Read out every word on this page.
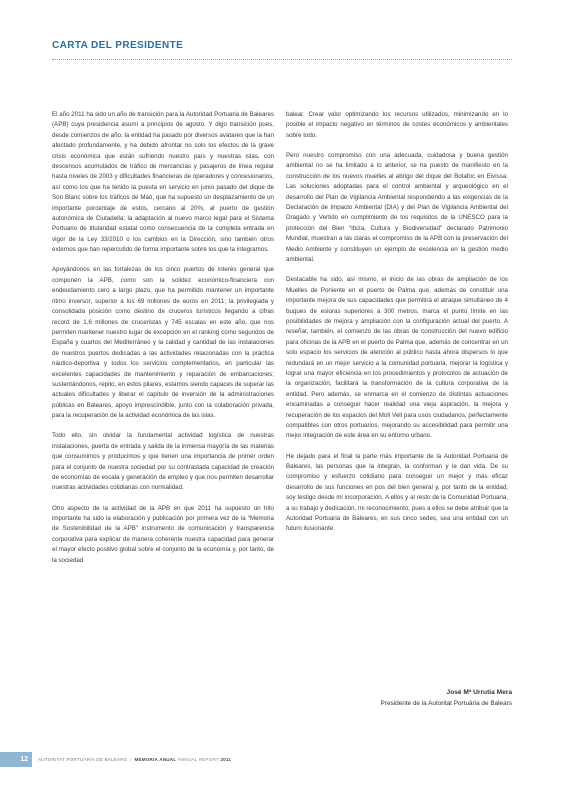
CARTA DEL PRESIDENTE

El año 2011 ha sido un año de transición para la Autoridad Portuaria de Baleares (APB) cuya presidencia asumí a principios de agosto. Y digo transición pues, desde comienzos de año, la entidad ha pasado por diversos avatares que la han afectado profundamente, y ha debido afrontar no solo los efectos de la grave crisis económica que están sufriendo nuestro país y nuestras islas, con descensos acumulados de tráfico de mercancías y pasajeros de línea regular hasta niveles de 2003 y dificultades financieras de operadores y concesionarios, así como los que ha tenido la puesta en servicio en junio pasado del dique de Son Blanc sobre los tráficos de Maó, que ha supuesto un desplazamiento de un importante porcentaje de estos, cercano al 20%, al puerto de gestión autonómica de Ciutadella; la adaptación al nuevo marco legal para el Sistema Portuario de titularidad estatal como consecuencia de la completa entrada en vigor de la Ley 33/2010 o los cambios en la Dirección, sino también otros externos que han repercutido de forma importante sobre los que la integramos.

Apoyándonos en las fortalezas de los cinco puertos de interés general que componen la APB, como son la solidez económico-financiera con endeudamiento cero a largo plazo, que ha permitido mantener un importante ritmo inversor, superior a los 69 millones de euros en 2011; la privilegiada y consolidada posición como destino de cruceros turísticos llegando a cifras record de 1,6 millones de cruceristas y 745 escalas en este año, que nos permiten mantener nuestro lugar de excepción en el ranking como segundos de España y cuartos del Mediterráneo y la calidad y cantidad de las instalaciones de nuestros puertos dedicadas a las actividades relacionadas con la práctica náutico-deportiva y todos los servicios complementarios, en particular las excelentes capacidades de mantenimiento y reparación de embarcaciones; sustentándonos, repito, en estos pilares, estamos siendo capaces de superar las actuales dificultades y liberar el capítulo de inversión de la administraciones públicas en Baleares, apoyo imprescindible, junto con la colaboración privada, para la recuperación de la actividad económica de las islas.

Todo ello, sin olvidar la fundamental actividad logística de nuestras instalaciones, puerta de entrada y salida de la inmensa mayoría de las materias que consumimos y producimos y que tienen una importancia de primer orden para el conjunto de nuestra sociedad por su contrastada capacidad de creación de economías de escala y generación de empleo y que nos permiten desarrollar nuestras actividades cotidianas con normalidad.

Otro aspecto de la actividad de la APB en que 2011 ha supuesto un hito importante ha sido la elaboración y publicación por primera vez de la “Memoria de Sostenibilidad de la APB” instrumento de comunicación y transparencia corporativa para explicar de manera coherente nuestra capacidad para generar el mayor efecto positivo global sobre el conjunto de la economía y, por tanto, de la sociedad

balear. Crear valor optimizando los recursos utilizados, minimizando en lo posible el impacto negativo en términos de costes económicos y ambientales sobre todo.

Pero nuestro compromiso con una adecuada, cuidadosa y buena gestión ambiental no se ha limitado a lo anterior, se ha puesto de manifiesto en la construcción de los nuevos muelles al abrigo del dique del Botafoc en Eivissa. Las soluciones adoptadas para el control ambiental y arqueológico en el desarrollo del Plan de Vigilancia Ambiental respondiendo a las exigencias de la Declaración de Impacto Ambiental (DIA) y del Plan de Vigilancia Ambiental del Dragado y Vertido en cumplimiento de los requisitos de la UNESCO para la protección del Bien “Ibiza, Cultura y Biodiversidad” declarado Patrimonio Mundial, muestran a las claras el compromiso de la APB con la preservación del Medio Ambiente y constituyen un ejemplo de excelencia en la gestión medio ambiental.

Destacable ha sido, así mismo, el inicio de las obras de ampliación de los Muelles de Poniente en el puerto de Palma que, además de constituir una importante mejora de sus capacidades que permitirá el atraque simultáneo de 4 buques de esloras superiores a 300 metros, marca el punto límite en las posibilidades de mejora y ampliación con la configuración actual del puerto. A reseñar, también, el comienzo de las obras de construcción del nuevo edificio para oficinas de la APB en el puerto de Palma que, además de concentrar en un solo espacio los servicios de atención al público hasta ahora dispersos lo que redundará en un mejor servicio a la comunidad portuaria, mejorar la logística y lograr una mayor eficiencia en los procedimientos y protocolos de actuación de la organización, facilitará la transformación de la cultura corporativa de la entidad. Pero además, se enmarca en el comienzo de distintas actuaciones encaminadas a conseguir hacer realidad una vieja aspiración, la mejora y recuperación de los espacios del Moll Vell para usos ciudadanos, perfectamente compatibles con otros portuarios, mejorando su accesibilidad para permitir una mejor integración de este área en su entorno urbano.

He dejado para el final la parte más importante de la Autoridad Portuaria de Baleares, las personas que la integran, la conforman y le dan vida. De su compromiso y esfuerzo cotidiano para conseguir un mejor y más eficaz desarrollo de sus funciones en pos del bien general y, por tanto de la entidad, soy testigo desde mi incorporación. A ellos y al resto de la Comunidad Portuaria, a su trabajo y dedicación, mi reconocimiento, pues a ellos se debe atribuir que la Autoridad Portuaria de Baleares, en sus cinco sedes, sea una entidad con un futuro ilusionante.

José Mª Urrutia Mera
Presidente de la Autoritat Portuària de Balears
12	AUTORITAT PORTUÀRIA DE BALEARS | MEMORIA ANUAL ANNUAL REPORT 2011
